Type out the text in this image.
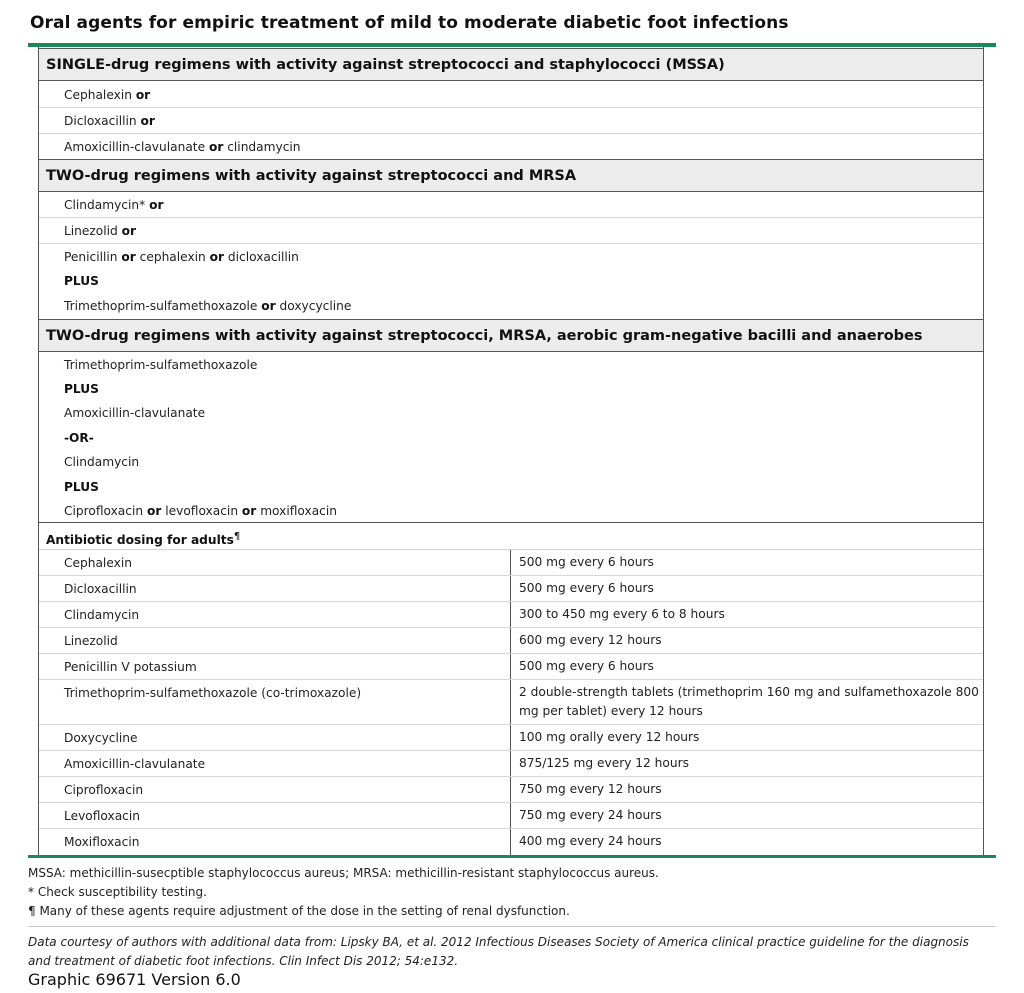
Oral agents for empiric treatment of mild to moderate diabetic foot infections
SINGLE-drug regimens with activity against streptococci and staphylococci (MSSA)
Cephalexin or
Dicloxacillin or
Amoxicillin-clavulanate or clindamycin
TWO-drug regimens with activity against streptococci and MRSA
Clindamycin* or
Linezolid or
Penicillin or cephalexin or dicloxacillin
PLUS
Trimethoprim-sulfamethoxazole or doxycycline
TWO-drug regimens with activity against streptococci, MRSA, aerobic gram-negative bacilli and anaerobes
Trimethoprim-sulfamethoxazole
PLUS
Amoxicillin-clavulanate
-OR-
Clindamycin
PLUS
Ciprofloxacin or levofloxacin or moxifloxacin
Antibiotic dosing for adults¶
Cephalexin	500 mg every 6 hours
Dicloxacillin	500 mg every 6 hours
Clindamycin	300 to 450 mg every 6 to 8 hours
Linezolid	600 mg every 12 hours
Penicillin V potassium	500 mg every 6 hours
Trimethoprim-sulfamethoxazole (co-trimoxazole)	2 double-strength tablets (trimethoprim 160 mg and sulfamethoxazole 800 mg per tablet) every 12 hours
Doxycycline	100 mg orally every 12 hours
Amoxicillin-clavulanate	875/125 mg every 12 hours
Ciprofloxacin	750 mg every 12 hours
Levofloxacin	750 mg every 24 hours
Moxifloxacin	400 mg every 24 hours
MSSA: methicillin-susecptible staphylococcus aureus; MRSA: methicillin-resistant staphylococcus aureus.
* Check susceptibility testing.
¶ Many of these agents require adjustment of the dose in the setting of renal dysfunction.
Data courtesy of authors with additional data from: Lipsky BA, et al. 2012 Infectious Diseases Society of America clinical practice guideline for the diagnosis and treatment of diabetic foot infections. Clin Infect Dis 2012; 54:e132.
Graphic 69671 Version 6.0
